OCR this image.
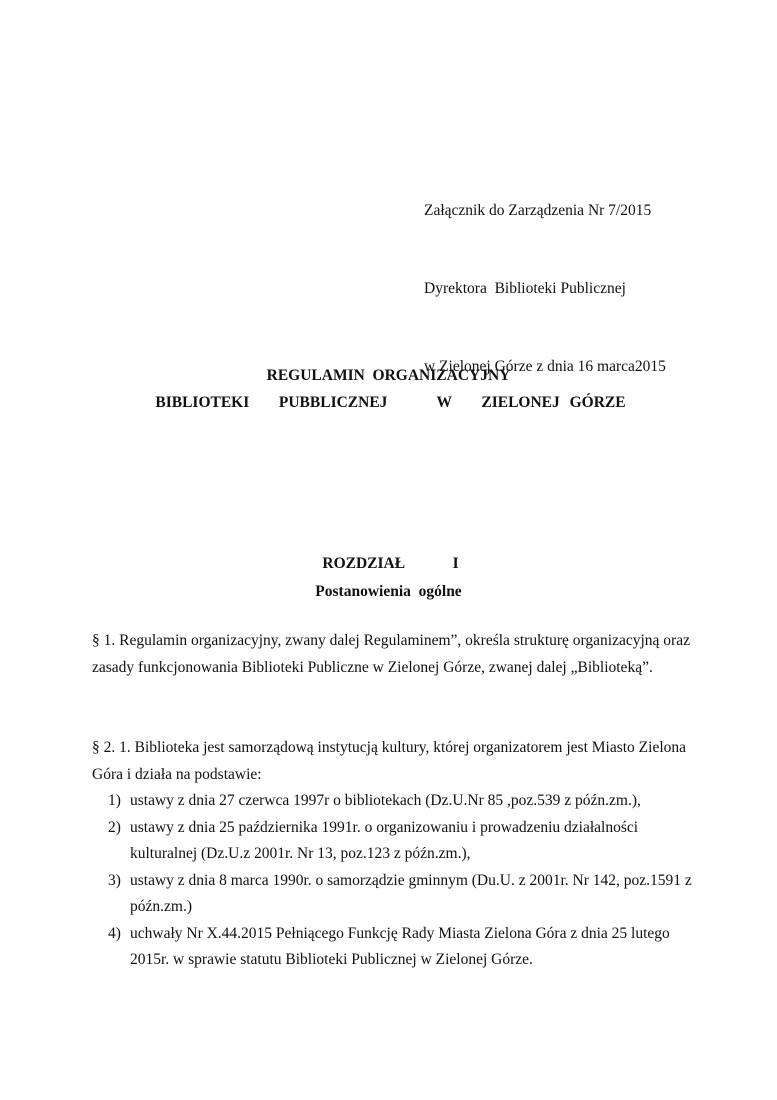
Załącznik do Zarządzenia Nr 7/2015

Dyrektora  Biblioteki Publicznej

w Zielonej Górze z dnia 16 marca2015

REGULAMIN  ORGANIZACYJNY
BIBLIOTEKI   PUBBLICZNEJ     W   ZIELONEJ GÓRZE
ROZDZIAŁ    I
Postanowienia  ogólne
§ 1. Regulamin organizacyjny, zwany dalej Regulaminem”, określa strukturę organizacyjną oraz zasady funkcjonowania Biblioteki Publiczne w Zielonej Górze, zwanej dalej „Biblioteką”.
§ 2. 1. Biblioteka jest samorządową instytucją kultury, której organizatorem jest Miasto Zielona Góra i działa na podstawie:
1) ustawy z dnia 27 czerwca 1997r o bibliotekach (Dz.U.Nr 85 ,poz.539 z późn.zm.),
2) ustawy z dnia 25 października 1991r. o organizowaniu i prowadzeniu działalności kulturalnej (Dz.U.z 2001r. Nr 13, poz.123 z późn.zm.),
3) ustawy z dnia 8 marca 1990r. o samorządzie gminnym (Du.U. z 2001r. Nr 142, poz.1591 z późn.zm.)
4) uchwały Nr X.44.2015 Pełniącego Funkcję Rady Miasta Zielona Góra z dnia 25 lutego 2015r. w sprawie statutu Biblioteki Publicznej w Zielonej Górze.
